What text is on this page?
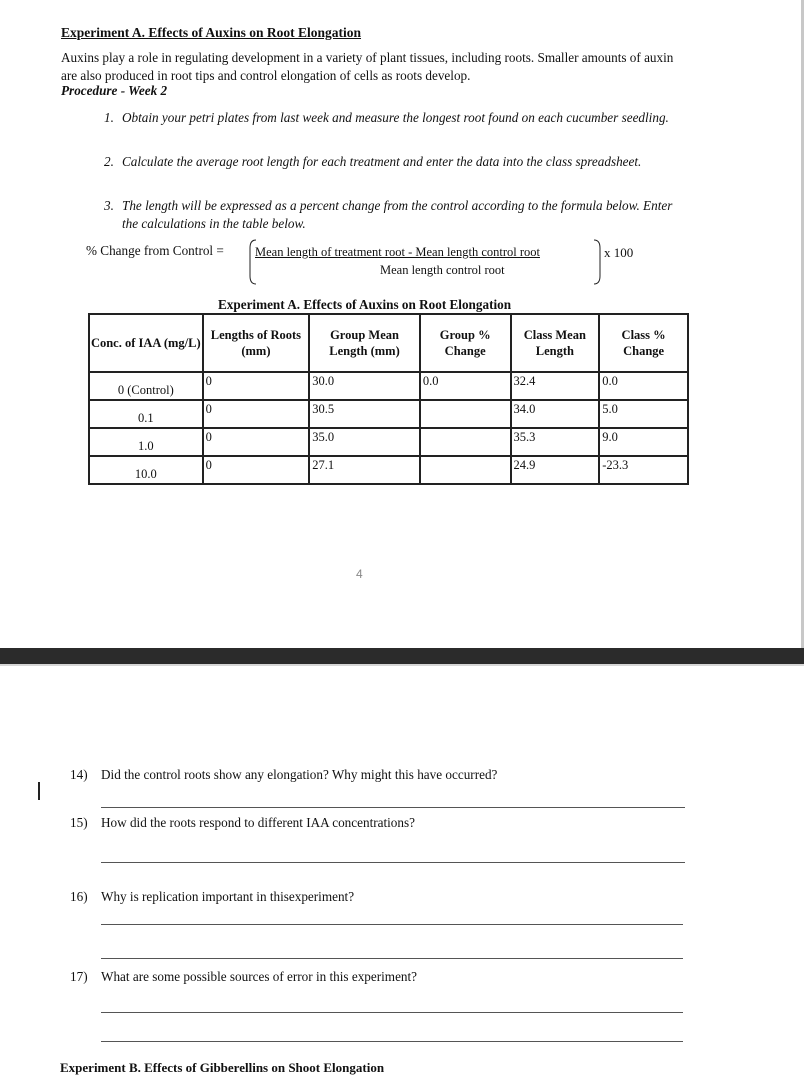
Experiment A. Effects of Auxins on Root Elongation
Auxins play a role in regulating development in a variety of plant tissues, including roots. Smaller amounts of auxin are also produced in root tips and control elongation of cells as roots develop.
Procedure - Week 2
1. Obtain your petri plates from last week and measure the longest root found on each cucumber seedling.
2. Calculate the average root length for each treatment and enter the data into the class spreadsheet.
3. The length will be expressed as a percent change from the control according to the formula below. Enter the calculations in the table below.
% Change from Control = Mean length of treatment root - Mean length control root
Mean length control root
x 100
Experiment A. Effects of Auxins on Root Elongation
Conc. of IAA (mg/L)	Lengths of Roots (mm)	Group Mean Length (mm)	Group % Change	Class Mean Length	Class % Change
0 (Control)	0	30.0	0.0	32.4	0.0

0.1	0	30.5		34.0	5.0

1.0	0	35.0		35.3	9.0

10.0	0	27.1		24.9	-23.3
4
14) Did the control roots show any elongation? Why might this have occurred?
15) How did the roots respond to different IAA concentrations?
16) Why is replication important in thisexperiment?
17) What are some possible sources of error in this experiment?
Experiment B. Effects of Gibberellins on Shoot Elongation
